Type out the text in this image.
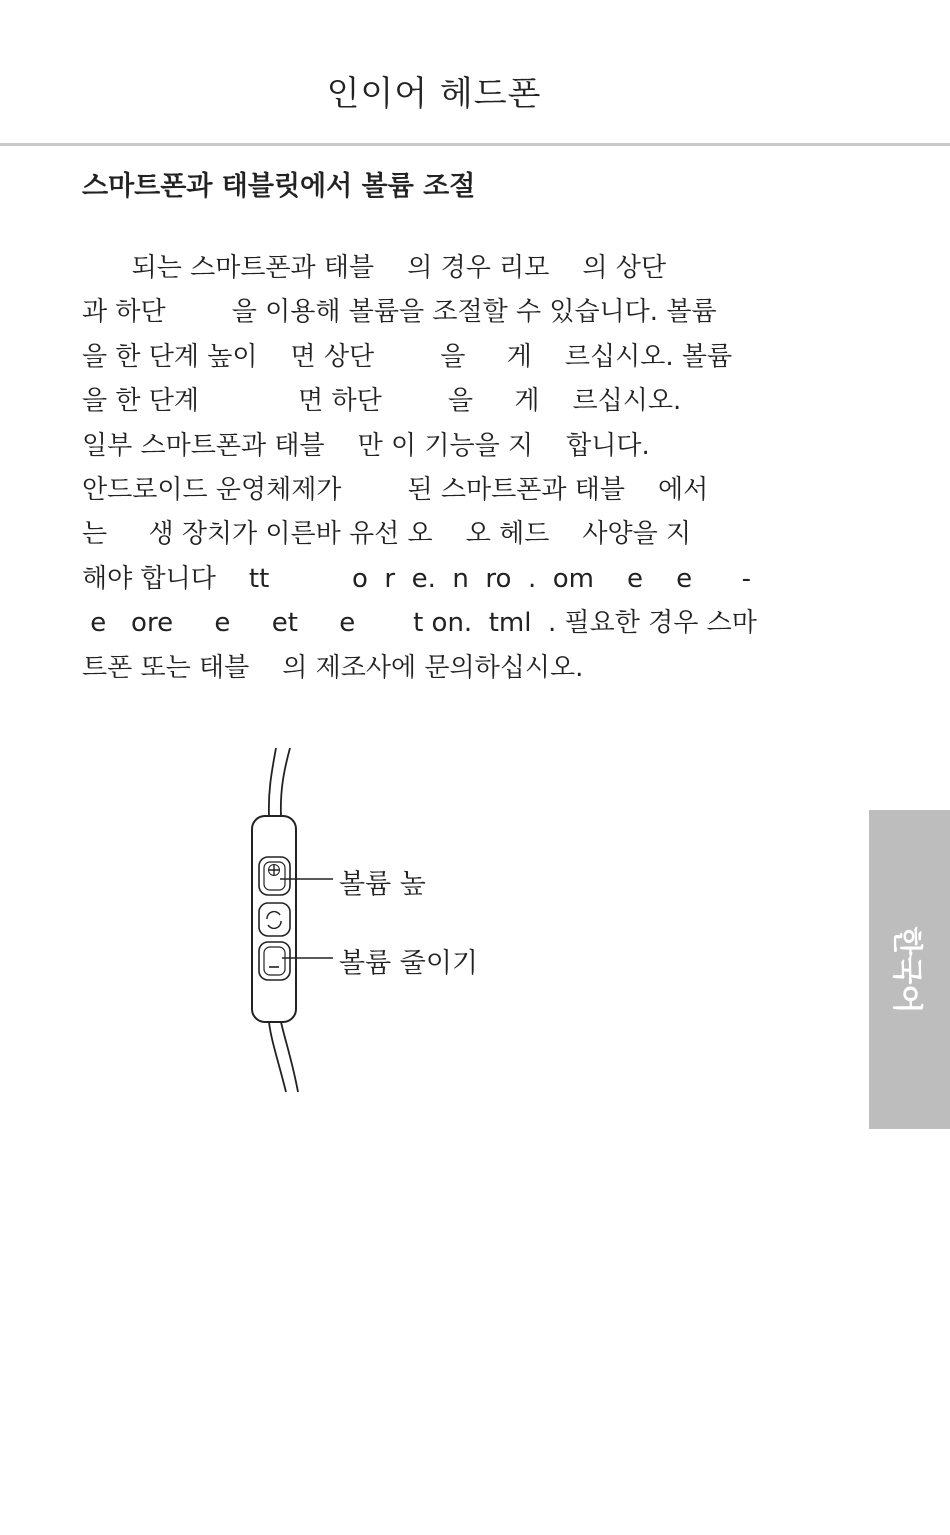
인이어 헤드폰
스마트폰과 태블릿에서 볼륨 조절
되는 스마트폰과 태블    의 경우 리모    의 상단
과 하단        을 이용해 볼륨을 조절할 수 있습니다. 볼륨
을 한 단계 높이    면 상단        을     게    르십시오. 볼륨
을 한 단계            면 하단        을     게    르십시오.
일부 스마트폰과 태블    만 이 기능을 지    합니다.
안드로이드 운영체제가        된 스마트폰과 태블    에서
는     생 장치가 이른바 유선 오    오 헤드    사양을 지
해야 합니다    tt          o  r  e.  n  ro  .  om    e    e      -
e   ore     e     et     e       t on.  tml  . 필요한 경우 스마
트폰 또는 태블    의 제조사에 문의하십시오.
볼륨 높
볼륨 줄이기	한국어
